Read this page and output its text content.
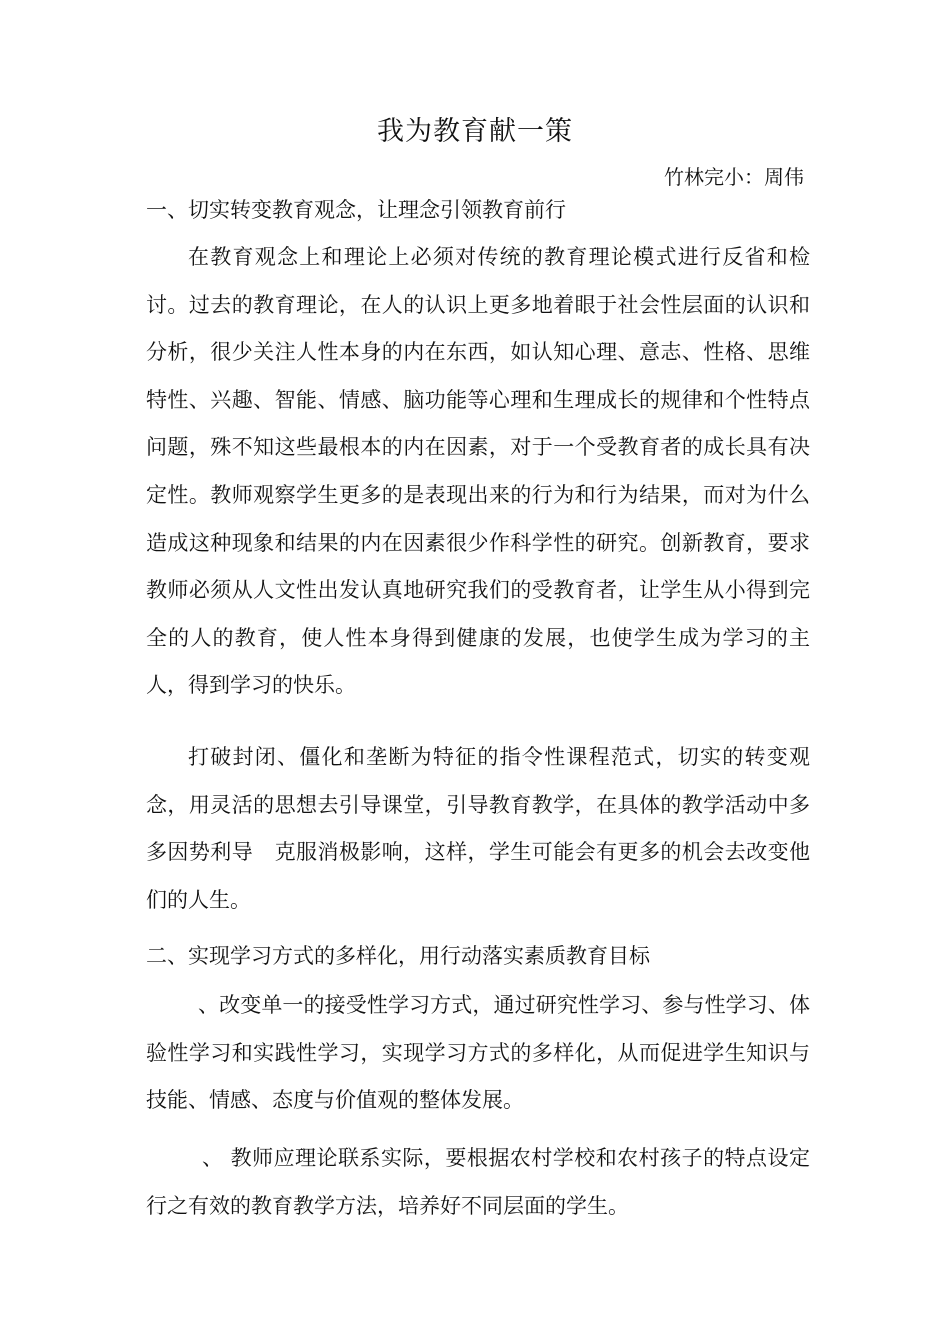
我为教育献一策
竹林完小：周伟
一、切实转变教育观念，让理念引领教育前行
在教育观念上和理论上必须对传统的教育理论模式进行反省和检讨。过去的教育理论，在人的认识上更多地着眼于社会性层面的认识和分析，很少关注人性本身的内在东西，如认知心理、意志、性格、思维特性、兴趣、智能、情感、脑功能等心理和生理成长的规律和个性特点问题，殊不知这些最根本的内在因素，对于一个受教育者的成长具有决定性。教师观察学生更多的是表现出来的行为和行为结果，而对为什么造成这种现象和结果的内在因素很少作科学性的研究。创新教育，要求教师必须从人文性出发认真地研究我们的受教育者，让学生从小得到完全的人的教育，使人性本身得到健康的发展，也使学生成为学习的主人，得到学习的快乐。
打破封闭、僵化和垄断为特征的指令性课程范式，切实的转变观念，用灵活的思想去引导课堂，引导教育教学，在具体的教学活动中多多因势利导　克服消极影响，这样，学生可能会有更多的机会去改变他们的人生。
二、实现学习方式的多样化，用行动落实素质教育目标
、改变单一的接受性学习方式，通过研究性学习、参与性学习、体验性学习和实践性学习，实现学习方式的多样化，从而促进学生知识与技能、情感、态度与价值观的整体发展。
、 教师应理论联系实际，要根据农村学校和农村孩子的特点设定行之有效的教育教学方法，培养好不同层面的学生。
